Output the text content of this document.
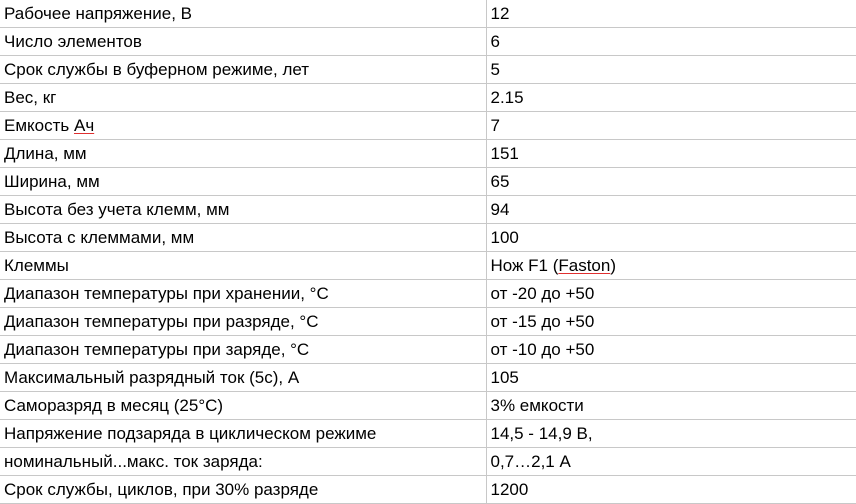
Рабочее напряжение, В	12
Число элементов	6
Срок службы в буферном режиме, лет	5
Вес, кг	2.15
Емкость Ач	7
Длина, мм	151
Ширина, мм	65
Высота без учета клемм, мм	94
Высота с клеммами, мм	100
Клеммы	Нож F1 (Faston)
Диапазон температуры при хранении, °С	от -20 до +50
Диапазон температуры при разряде, °С	от -15 до +50
Диапазон температуры при заряде, °С	от -10 до +50
Максимальный разрядный ток (5с), А	105
Саморазряд в месяц (25°С)	3% емкости
Напряжение подзаряда в циклическом режиме	14,5 - 14,9 В,
номинальный...макс. ток заряда:	0,7…2,1 А
Срок службы, циклов, при 30% разряде	1200
